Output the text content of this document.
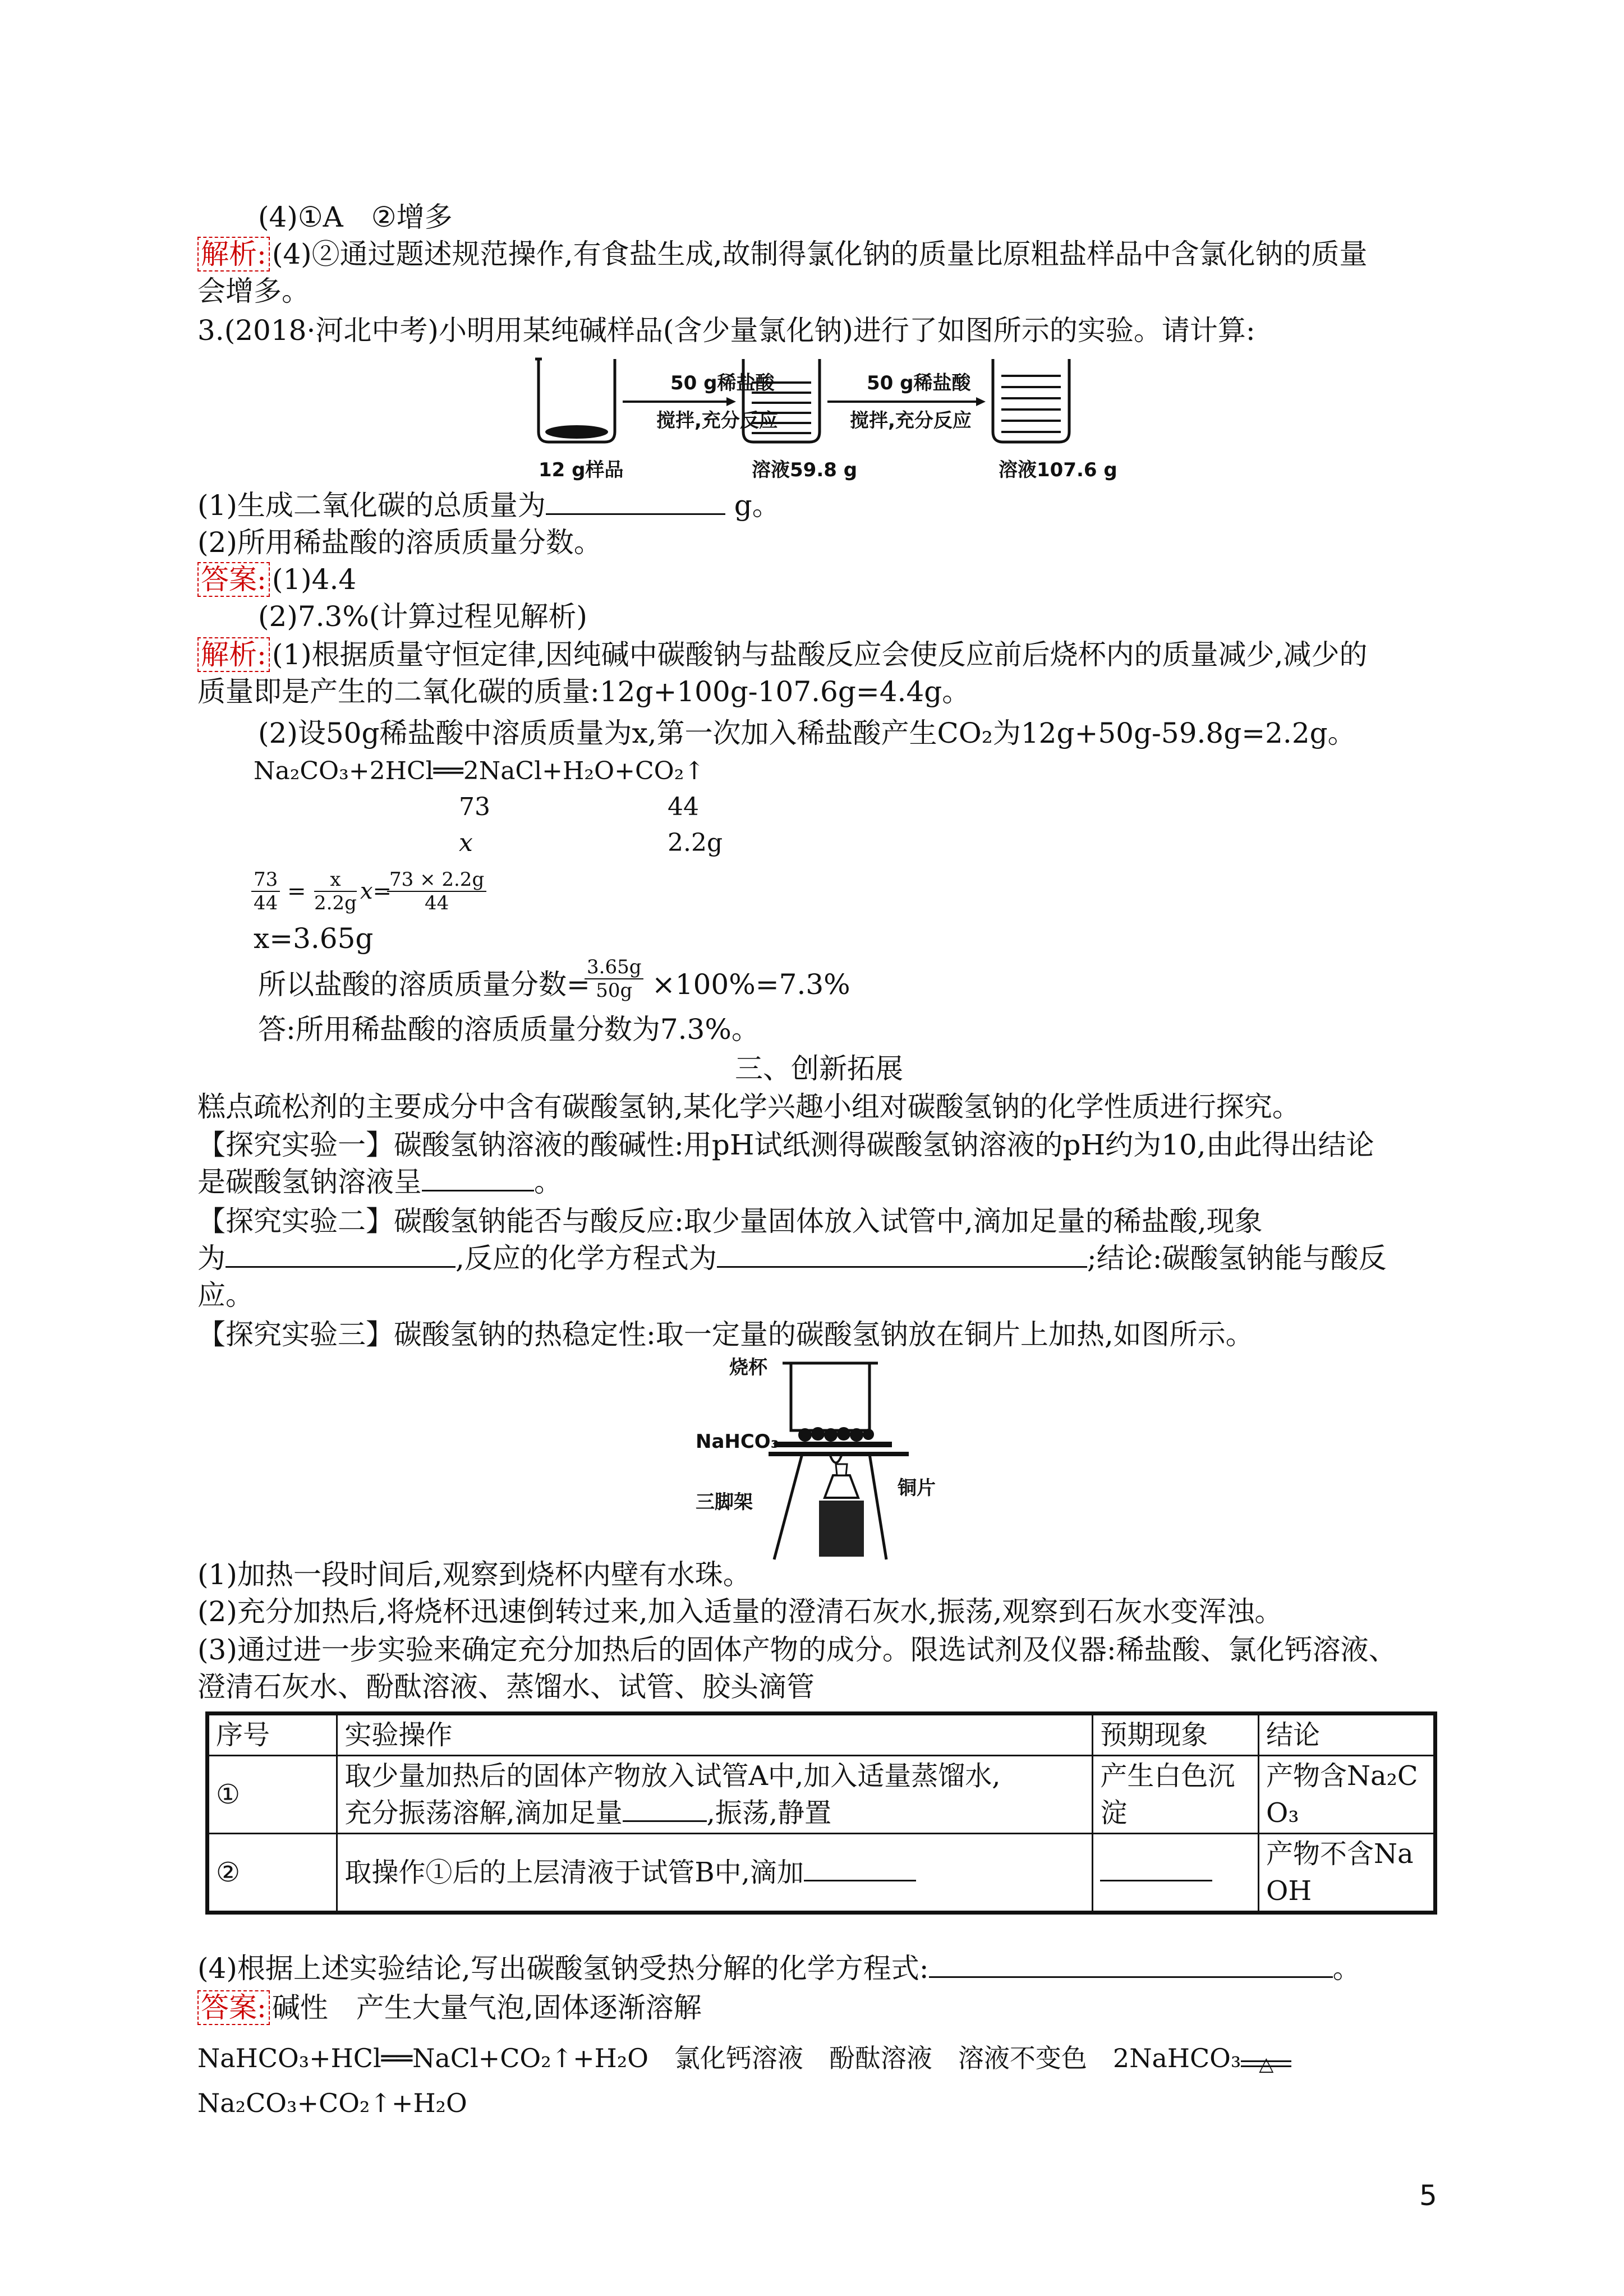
(4)①A　②增多
解析: (4)②通过题述规范操作,有食盐生成,故制得氯化钠的质量比原粗盐样品中含氯化钠的质量
会增多。
3.(2018·河北中考)小明用某纯碱样品(含少量氯化钠)进行了如图所示的实验。请计算:
50 g稀盐酸
搅拌,充分反应
50 g稀盐酸
搅拌,充分反应
12 g样品	溶液59.8 g	溶液107.6 g
(1)生成二氧化碳的总质量为	g。
(2)所用稀盐酸的溶质质量分数。
答案: (1)4.4
(2)7.3%(计算过程见解析)
解析: (1)根据质量守恒定律,因纯碱中碳酸钠与盐酸反应会使反应前后烧杯内的质量减少,减少的
质量即是产生的二氧化碳的质量:12g+100g-107.6g=4.4g。
(2)设50g稀盐酸中溶质质量为x,第一次加入稀盐酸产生CO₂为12g+50g-59.8g=2.2g。
Na₂CO₃+2HCl══2NaCl+H₂O+CO₂↑
73	44
x	2.2g
$\frac{73}{44} = \frac{x}{2.2g} x=$
$\frac{73 \times 2.2g}{44}$
x=3.65g
所以盐酸的溶质质量分数= ×100%=7.3%
$\frac{3.65g}{50g}$
答:所用稀盐酸的溶质质量分数为7.3%。
三、创新拓展
糕点疏松剂的主要成分中含有碳酸氢钠,某化学兴趣小组对碳酸氢钠的化学性质进行探究。
【探究实验一】碳酸氢钠溶液的酸碱性:用pH试纸测得碳酸氢钠溶液的pH约为10,由此得出结论
是碳酸氢钠溶液呈	。
【探究实验二】碳酸氢钠能否与酸反应:取少量固体放入试管中,滴加足量的稀盐酸,现象
为	,反应的化学方程式为	;结论:碳酸氢钠能与酸反
应。
【探究实验三】碳酸氢钠的热稳定性:取一定量的碳酸氢钠放在铜片上加热,如图所示。
烧杯
NaHCO₃
三脚架
铜片
(1)加热一段时间后,观察到烧杯内壁有水珠。
(2)充分加热后,将烧杯迅速倒转过来,加入适量的澄清石灰水,振荡,观察到石灰水变浑浊。
(3)通过进一步实验来确定充分加热后的固体产物的成分。限选试剂及仪器:稀盐酸、氯化钙溶液、
澄清石灰水、酚酞溶液、蒸馏水、试管、胶头滴管
序号	实验操作	预期现象	结论
①	取少量加热后的固体产物放入试管A中,加入适量蒸馏水,
充分振荡溶解,滴加足量 ,振荡,静置	产生白色沉淀	产物含Na₂CO₃
②	取操作①后的上层清液于试管B中,滴加		产物不含NaOH
(4)根据上述实验结论,写出碳酸氢钠受热分解的化学方程式:	。
答案: 碱性　产生大量气泡,固体逐渐溶解
NaHCO₃+HCl══NaCl+CO₂↑+H₂O　氯化钙溶液　酚酞溶液　溶液不变色　2NaHCO₃ △
Na₂CO₃+CO₂↑+H₂O
5
